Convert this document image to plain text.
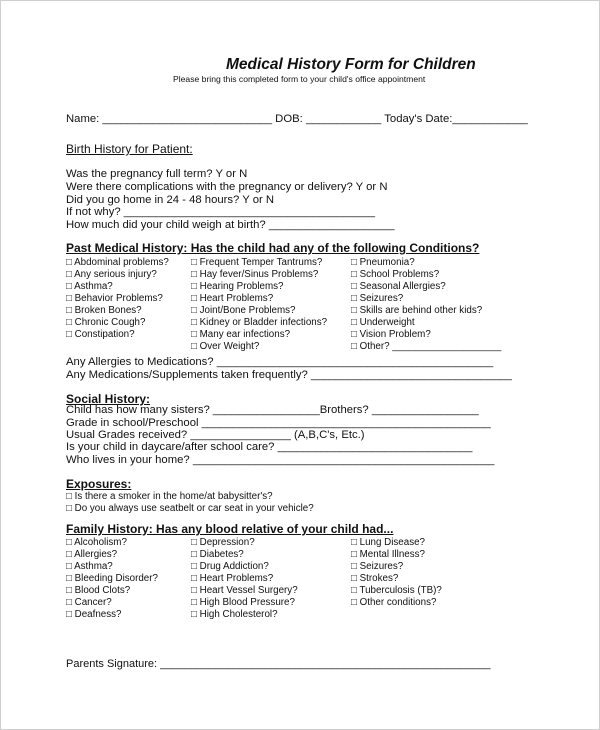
Medical History Form for Children
Please bring this completed form to your child's office appointment
Name: ___________________________ DOB: ____________ Today's Date:____________
Birth History for Patient:
Was the pregnancy full term? Y or N
Were there complications with the pregnancy or delivery? Y or N
Did you go home in 24 - 48 hours? Y or N
If not why? ________________________________________
How much did your child weigh at birth? ____________________
Past Medical History: Has the child had any of the following Conditions?
□ Abdominal problems?
□ Any serious injury?
□ Asthma?
□ Behavior Problems?
□ Broken Bones?
□ Chronic Cough?
□ Constipation?
□ Frequent Temper Tantrums?
□ Hay fever/Sinus Problems?
□ Hearing Problems?
□ Heart Problems?
□ Joint/Bone Problems?
□ Kidney or Bladder infections?
□ Many ear infections?
□ Over Weight?
□ Pneumonia?
□ School Problems?
□ Seasonal Allergies?
□ Seizures?
□ Skills are behind other kids?
□ Underweight
□ Vision Problem?
□ Other? ____________________
Any Allergies to Medications? ____________________________________________
Any Medications/Supplements taken frequently? ________________________________
Social History:
Child has how many sisters? _________________Brothers? _________________
Grade in school/Preschool ______________________________________________
Usual Grades received? ________________ (A,B,C's, Etc.)
Is your child in daycare/after school care? _______________________________
Who lives in your home? ________________________________________________
Exposures:
□ Is there a smoker in the home/at babysitter's?
□ Do you always use seatbelt or car seat in your vehicle?
Family History: Has any blood relative of your child had...
□ Alcoholism?
□ Allergies?
□ Asthma?
□ Bleeding Disorder?
□ Blood Clots?
□ Cancer?
□ Deafness?
□ Depression?
□ Diabetes?
□ Drug Addiction?
□ Heart Problems?
□ Heart Vessel Surgery?
□ High Blood Pressure?
□ High Cholesterol?
□ Lung Disease?
□ Mental Illness?
□ Seizures?
□ Strokes?
□ Tuberculosis (TB)?
□ Other conditions?
Parents Signature: ______________________________________________________
